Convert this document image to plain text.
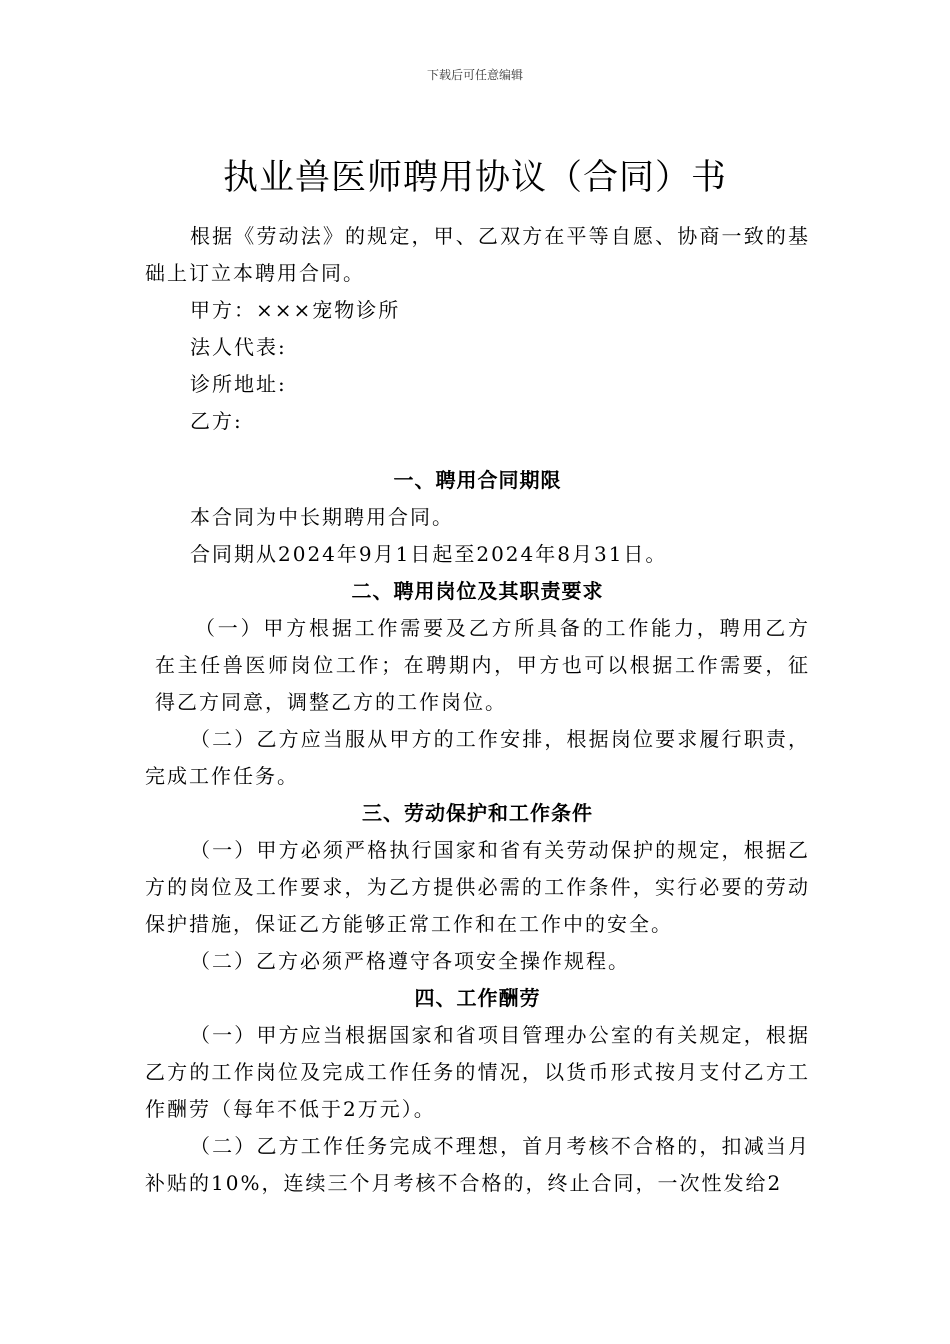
下载后可任意编辑
执业兽医师聘用协议（合同）书

根据《劳动法》的规定，甲、乙双方在平等自愿、协商一致的基础上订立本聘用合同。

甲方：×××宠物诊所

法人代表:

诊所地址:

乙方:

一、聘用合同期限

本合同为中长期聘用合同。

合同期从2024年9月1日起至2024年8月31日。

二、聘用岗位及其职责要求

（一）甲方根据工作需要及乙方所具备的工作能力，聘用乙方在主任兽医师岗位工作；在聘期内，甲方也可以根据工作需要，征得乙方同意，调整乙方的工作岗位。

（二）乙方应当服从甲方的工作安排，根据岗位要求履行职责，完成工作任务。

三、劳动保护和工作条件

（一）甲方必须严格执行国家和省有关劳动保护的规定，根据乙方的岗位及工作要求，为乙方提供必需的工作条件，实行必要的劳动保护措施，保证乙方能够正常工作和在工作中的安全。

（二）乙方必须严格遵守各项安全操作规程。

四、工作酬劳

（一）甲方应当根据国家和省项目管理办公室的有关规定，根据乙方的工作岗位及完成工作任务的情况，以货币形式按月支付乙方工作酬劳（每年不低于2万元）。

（二）乙方工作任务完成不理想，首月考核不合格的，扣减当月补贴的10%，连续三个月考核不合格的，终止合同，一次性发给2
